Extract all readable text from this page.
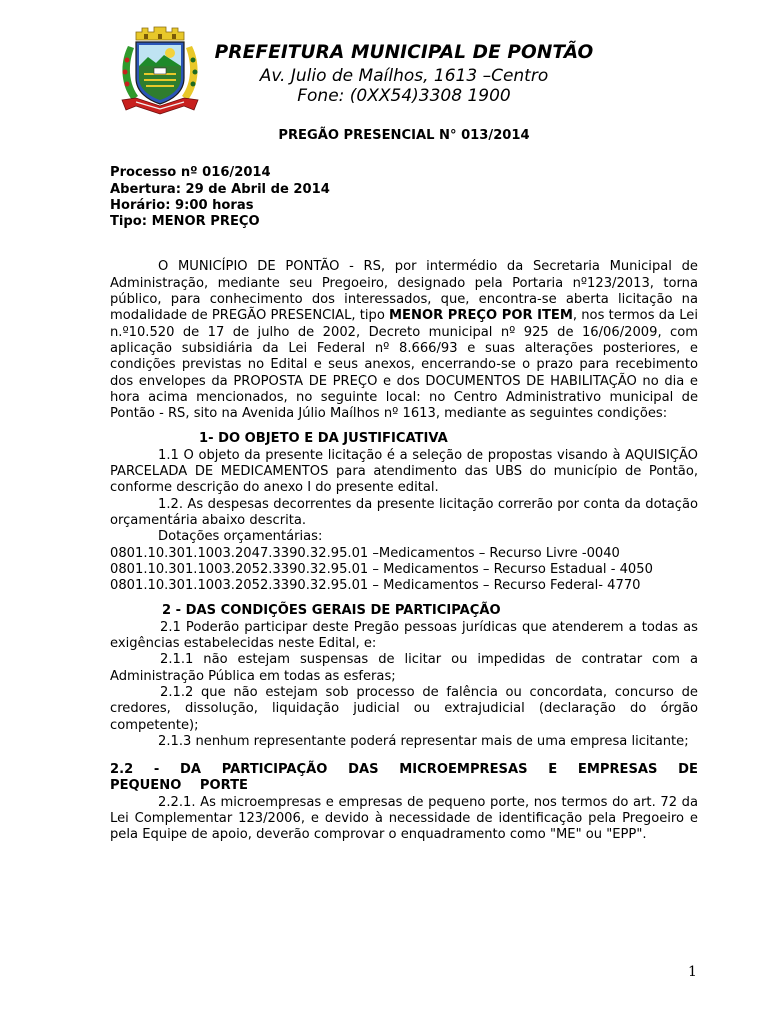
PREFEITURA MUNICIPAL DE PONTÃO
Av. Julio de Maílhos, 1613 –Centro
Fone: (0XX54)3308 1900

PREGÃO PRESENCIAL N° 013/2014

Processo nº 016/2014

Abertura: 29 de Abril de 2014

Horário: 9:00 horas

Tipo: MENOR PREÇO

O MUNICÍPIO DE PONTÃO - RS, por intermédio da Secretaria Municipal de Administração, mediante seu Pregoeiro, designado pela Portaria nº123/2013, torna público, para conhecimento dos interessados, que, encontra-se aberta licitação na modalidade de PREGÃO PRESENCIAL, tipo MENOR PREÇO POR ITEM, nos termos da Lei n.º10.520 de 17 de julho de 2002, Decreto municipal nº 925 de 16/06/2009, com aplicação subsidiária da Lei Federal nº 8.666/93 e suas alterações posteriores, e condições previstas no Edital e seus anexos, encerrando-se o prazo para recebimento dos envelopes da PROPOSTA DE PREÇO e dos DOCUMENTOS DE HABILITAÇÃO no dia e hora acima mencionados, no seguinte local: no Centro Administrativo municipal de Pontão - RS, sito na Avenida Júlio Maílhos nº 1613, mediante as seguintes condições:

1- DO OBJETO E DA JUSTIFICATIVA

1.1 O objeto da presente licitação é a seleção de propostas visando à AQUISIÇÃO PARCELADA DE MEDICAMENTOS para atendimento das UBS do município de Pontão, conforme descrição do anexo I do presente edital.

1.2. As despesas decorrentes da presente licitação correrão por conta da dotação orçamentária abaixo descrita.

Dotações orçamentárias:

0801.10.301.1003.2047.3390.32.95.01 –Medicamentos – Recurso Livre -0040

0801.10.301.1003.2052.3390.32.95.01 – Medicamentos – Recurso Estadual - 4050

0801.10.301.1003.2052.3390.32.95.01 – Medicamentos – Recurso Federal- 4770

2 - DAS CONDIÇÕES GERAIS DE PARTICIPAÇÃO

2.1 Poderão participar deste Pregão pessoas jurídicas que atenderem a todas as exigências estabelecidas neste Edital, e:

2.1.1 não estejam suspensas de licitar ou impedidas de contratar com a Administração Pública em todas as esferas;

2.1.2 que não estejam sob processo de falência ou concordata, concurso de credores, dissolução, liquidação judicial ou extrajudicial (declaração do órgão competente);

2.1.3 nenhum representante poderá representar mais de uma empresa licitante;

2.2 - DA PARTICIPAÇÃO DAS MICROEMPRESAS E EMPRESAS DE PEQUENO PORTE

2.2.1. As microempresas e empresas de pequeno porte, nos termos do art. 72 da Lei Complementar 123/2006, e devido à necessidade de identificação pela Pregoeiro e pela Equipe de apoio, deverão comprovar o enquadramento como "ME" ou "EPP".

1
